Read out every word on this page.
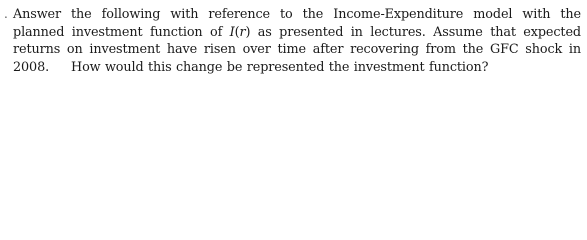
. Answer the following with reference to the Income-Expenditure model with the
planned investment function of I(r) as presented in lectures. Assume that expected
returns on investment have risen over time after recovering from the GFC shock in
2008. How would this change be represented the investment function?
